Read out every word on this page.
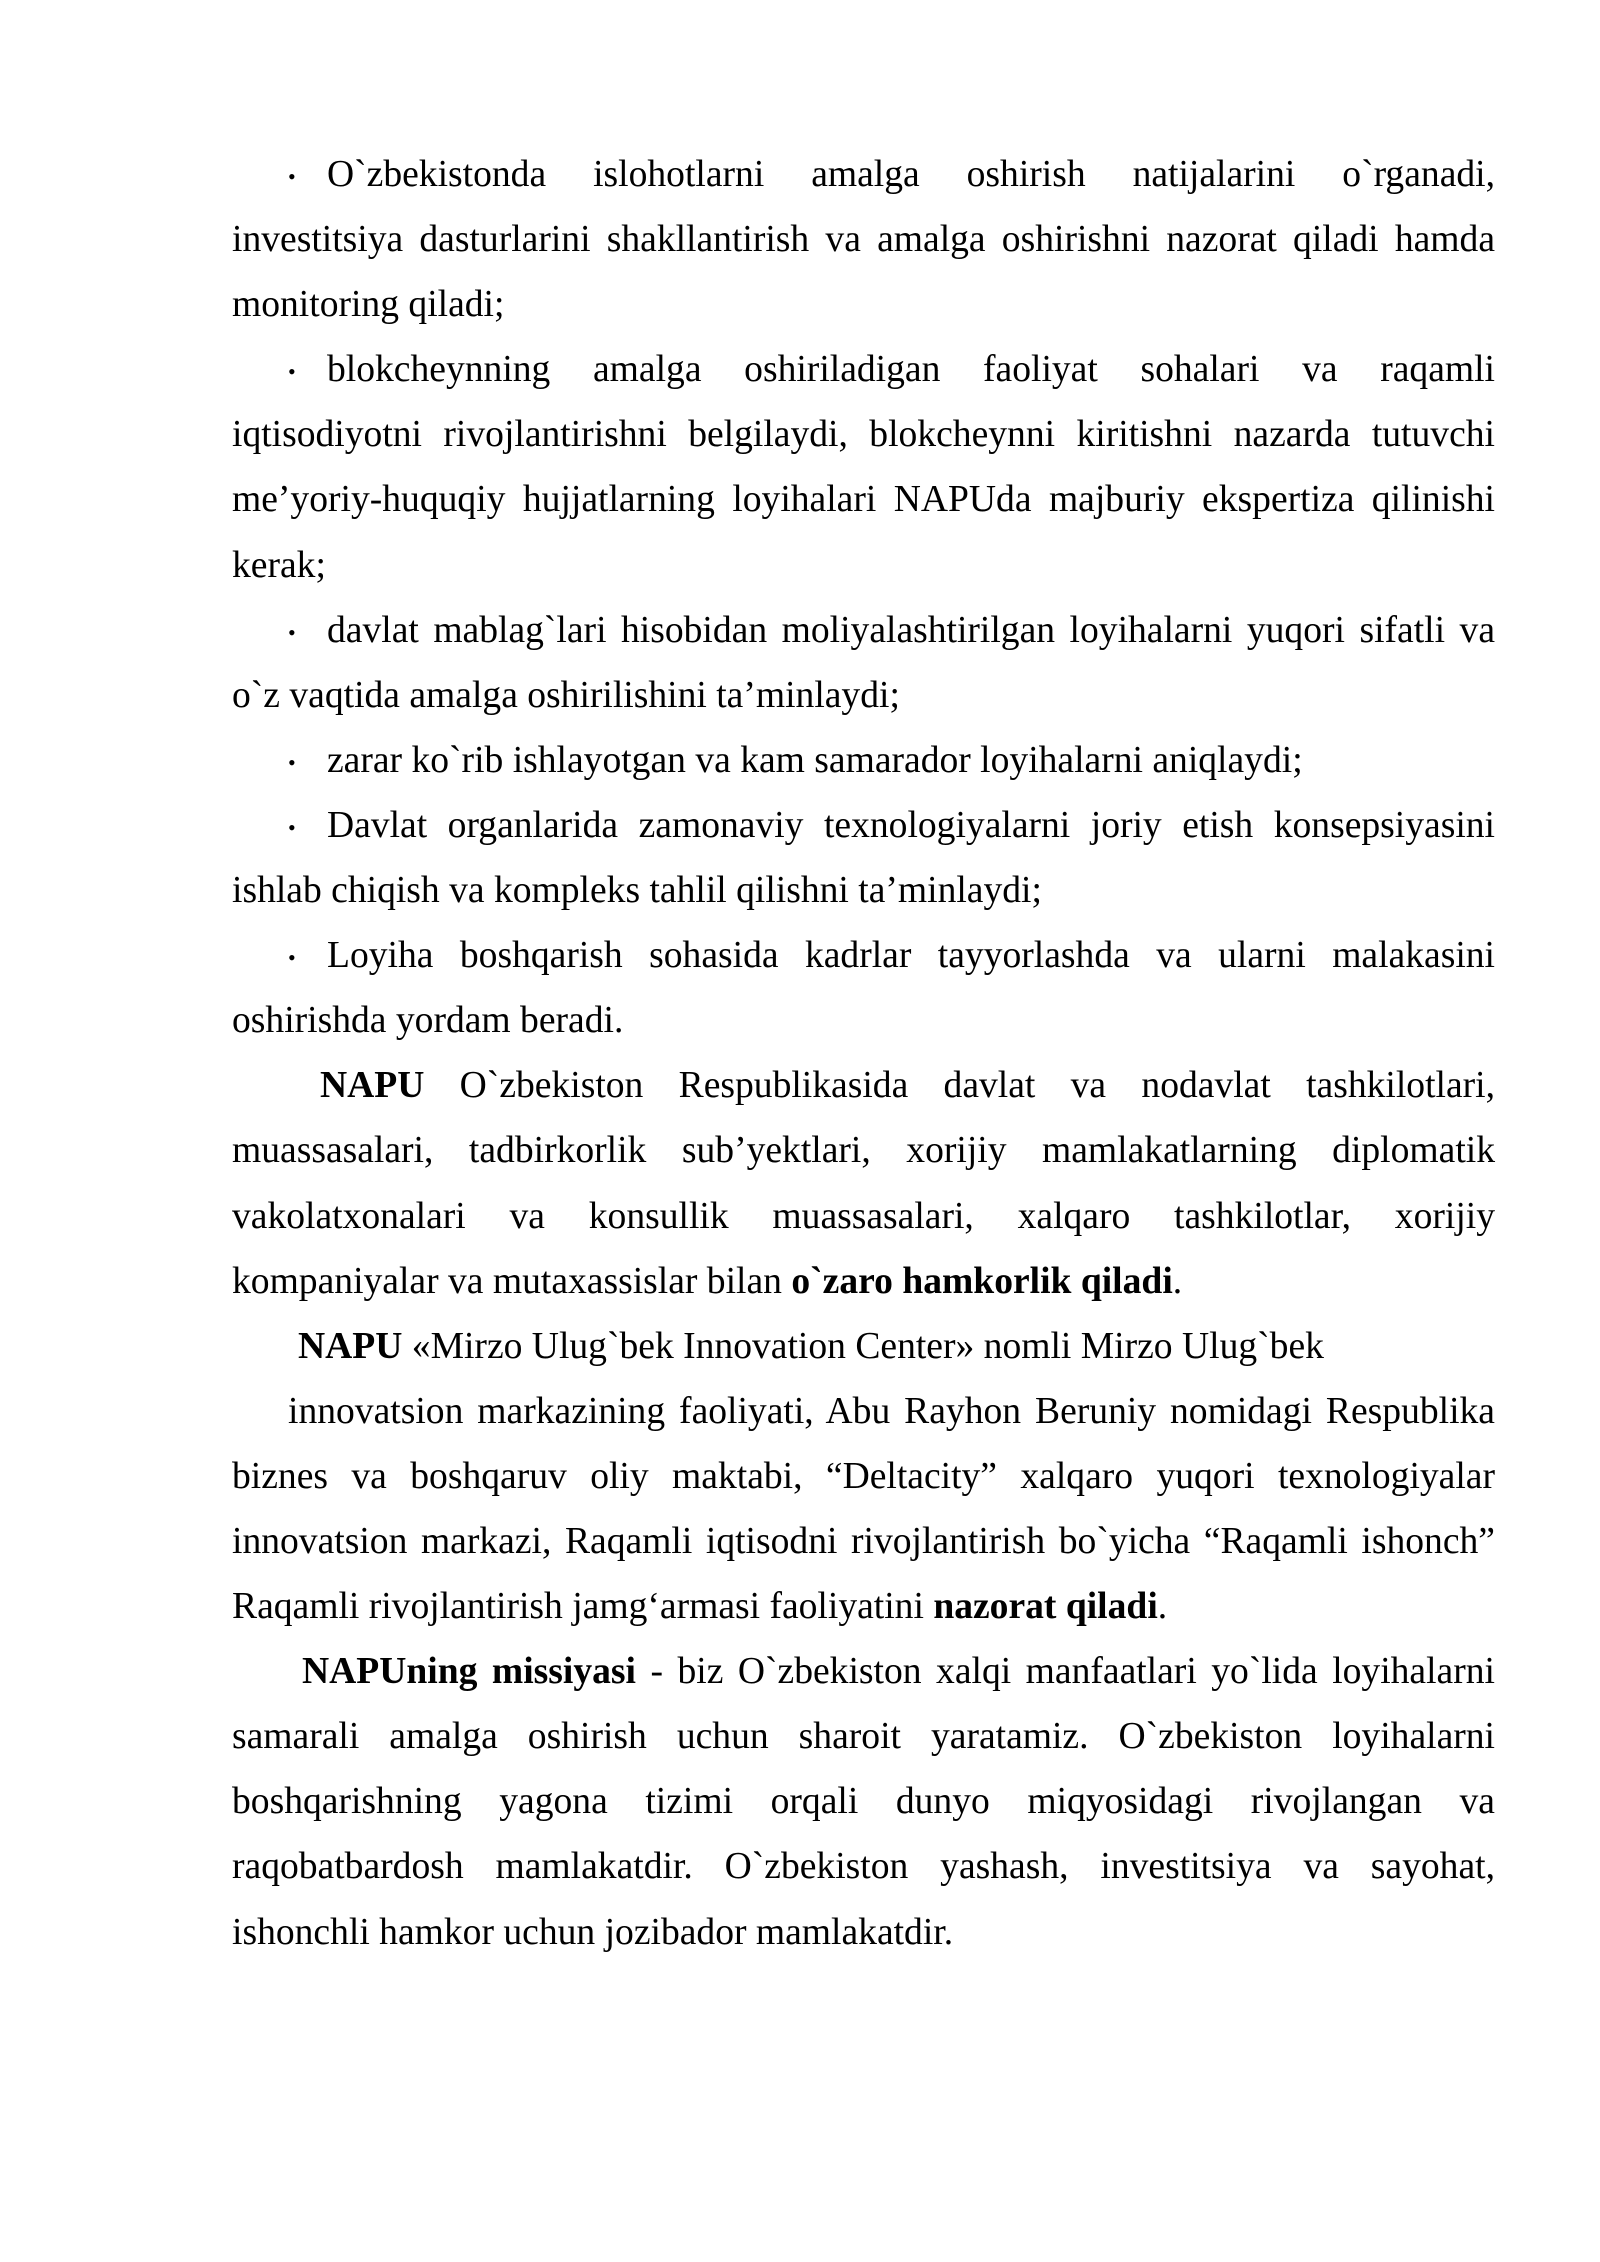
• O`zbekistonda islohotlarni amalga oshirish natijalarini o`rganadi,
investitsiya dasturlarini shakllantirish va amalga oshirishni nazorat qiladi hamda
monitoring qiladi;
• blokcheynning amalga oshiriladigan faoliyat sohalari va raqamli
iqtisodiyotni rivojlantirishni belgilaydi, blokcheynni kiritishni nazarda tutuvchi
me’yoriy-huquqiy hujjatlarning loyihalari NAPUda majburiy ekspertiza qilinishi
kerak;
• davlat mablag`lari hisobidan moliyalashtirilgan loyihalarni yuqori sifatli va
o`z vaqtida amalga oshirilishini ta’minlaydi;
• zarar ko`rib ishlayotgan va kam samarador loyihalarni aniqlaydi;
• Davlat organlarida zamonaviy texnologiyalarni joriy etish konsepsiyasini
ishlab chiqish va kompleks tahlil qilishni ta’minlaydi;
• Loyiha boshqarish sohasida kadrlar tayyorlashda va ularni malakasini
oshirishda yordam beradi.
NAPU O`zbekiston Respublikasida davlat va nodavlat tashkilotlari,
muassasalari, tadbirkorlik sub’yektlari, xorijiy mamlakatlarning diplomatik
vakolatxonalari va konsullik muassasalari, xalqaro tashkilotlar, xorijiy
kompaniyalar va mutaxassislar bilan o`zaro hamkorlik qiladi.
NAPU «Mirzo Ulug`bek Innovation Center» nomli Mirzo Ulug`bek
innovatsion markazining faoliyati, Abu Rayhon Beruniy nomidagi Respublika
biznes va boshqaruv oliy maktabi, “Deltacity” xalqaro yuqori texnologiyalar
innovatsion markazi, Raqamli iqtisodni rivojlantirish bo`yicha “Raqamli ishonch”
Raqamli rivojlantirish jamg‘armasi faoliyatini nazorat qiladi.
NAPUning missiyasi - biz O`zbekiston xalqi manfaatlari yo`lida loyihalarni
samarali amalga oshirish uchun sharoit yaratamiz. O`zbekiston loyihalarni
boshqarishning yagona tizimi orqali dunyo miqyosidagi rivojlangan va
raqobatbardosh mamlakatdir. O`zbekiston yashash, investitsiya va sayohat,
ishonchli hamkor uchun jozibador mamlakatdir.
